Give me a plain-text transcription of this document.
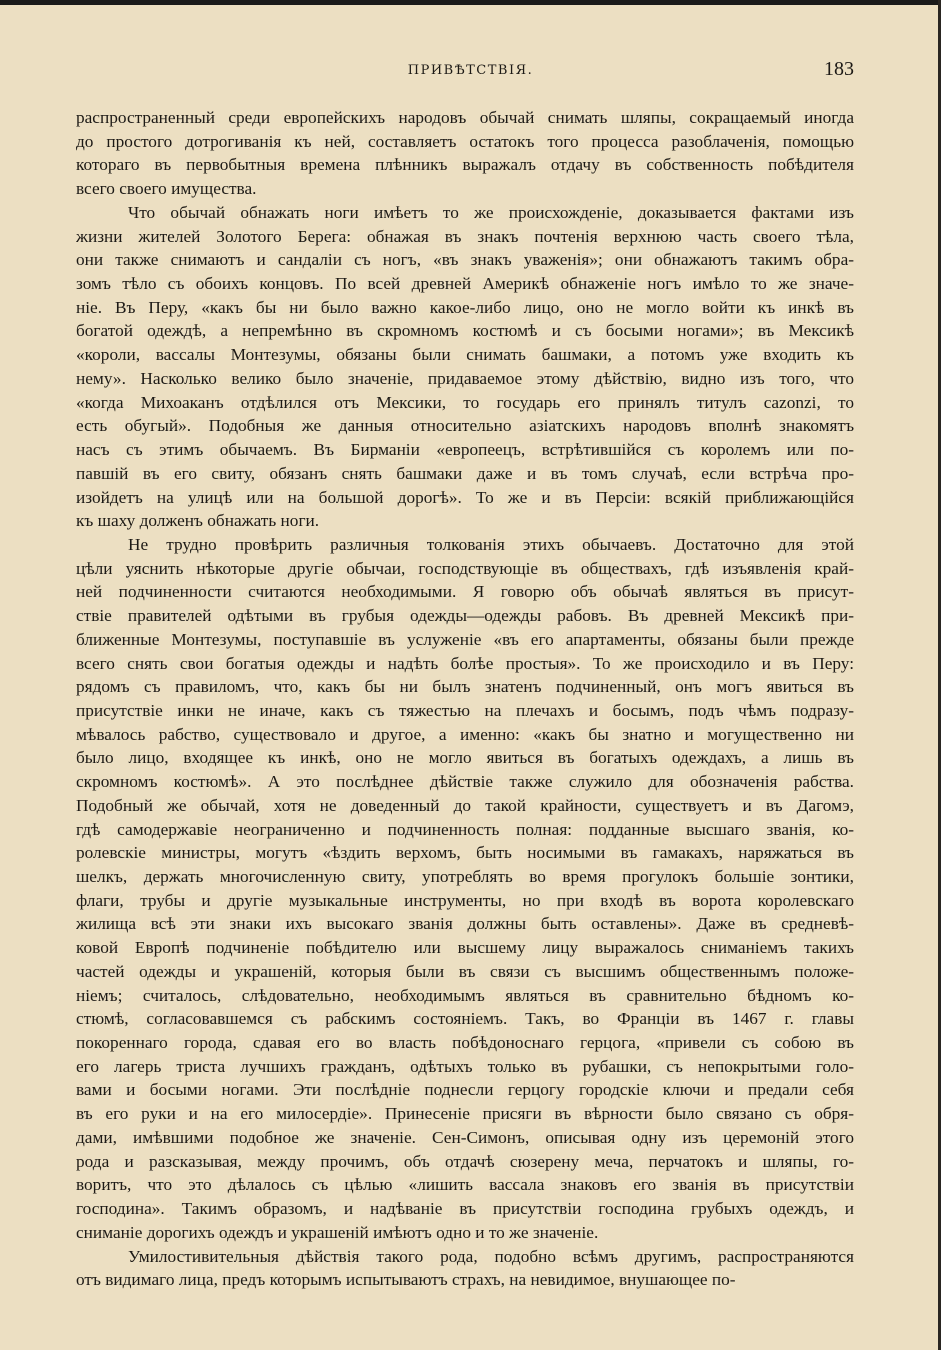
ПРИВѢТСТВІЯ.	183
распространенный среди европейскихъ народовъ обычай снимать шляпы, сокращаемый иногда
до простого дотрогиванія къ ней, составляетъ остатокъ того процесса разоблаченія, помощью
котораго въ первобытныя времена плѣнникъ выражалъ отдачу въ собственность побѣдителя
всего своего имущества.
Что обычай обнажать ноги имѣетъ то же происхожденіе, доказывается фактами изъ
жизни жителей Золотого Берега: обнажая въ знакъ почтенія верхнюю часть своего тѣла,
они также снимаютъ и сандаліи съ ногъ, «въ знакъ уваженія»; они обнажаютъ такимъ обра-
зомъ тѣло съ обоихъ концовъ. По всей древней Америкѣ обнаженіе ногъ имѣло то же значе-
ніе. Въ Перу, «какъ бы ни было важно какое-либо лицо, оно не могло войти къ инкѣ въ
богатой одеждѣ, а непремѣнно въ скромномъ костюмѣ и съ босыми ногами»; въ Мексикѣ
«короли, вассалы Монтезумы, обязаны были снимать башмаки, а потомъ уже входить къ
нему». Насколько велико было значеніе, придаваемое этому дѣйствію, видно изъ того, что
«когда Михоаканъ отдѣлился отъ Мексики, то государь его принялъ титулъ cazonzi, то
есть обугый». Подобныя же данныя относительно азіатскихъ народовъ вполнѣ знакомятъ
насъ съ этимъ обычаемъ. Въ Бирманіи «европеецъ, встрѣтившійся съ королемъ или по-
павшій въ его свиту, обязанъ снять башмаки даже и въ томъ случаѣ, если встрѣча про-
изойдетъ на улицѣ или на большой дорогѣ». То же и въ Персіи: всякій приближающійся
къ шаху долженъ обнажать ноги.
Не трудно провѣрить различныя толкованія этихъ обычаевъ. Достаточно для этой
цѣли уяснить нѣкоторые другіе обычаи, господствующіе въ обществахъ, гдѣ изъявленія край-
ней подчиненности считаются необходимыми. Я говорю объ обычаѣ являться въ присут-
ствіе правителей одѣтыми въ грубыя одежды—одежды рабовъ. Въ древней Мексикѣ при-
ближенные Монтезумы, поступавшіе въ услуженіе «въ его апартаменты, обязаны были прежде
всего снять свои богатыя одежды и надѣть болѣе простыя». То же происходило и въ Перу:
рядомъ съ правиломъ, что, какъ бы ни былъ знатенъ подчиненный, онъ могъ явиться въ
присутствіе инки не иначе, какъ съ тяжестью на плечахъ и босымъ, подъ чѣмъ подразу-
мѣвалось рабство, существовало и другое, а именно: «какъ бы знатно и могущественно ни
было лицо, входящее къ инкѣ, оно не могло явиться въ богатыхъ одеждахъ, а лишь въ
скромномъ костюмѣ». А это послѣднее дѣйствіе также служило для обозначенія рабства.
Подобный же обычай, хотя не доведенный до такой крайности, существуетъ и въ Дагомэ,
гдѣ самодержавіе неограниченно и подчиненность полная: подданные высшаго званія, ко-
ролевскіе министры, могутъ «ѣздить верхомъ, быть носимыми въ гамакахъ, наряжаться въ
шелкъ, держать многочисленную свиту, употреблять во время прогулокъ большіе зонтики,
флаги, трубы и другіе музыкальные инструменты, но при входѣ въ ворота королевскаго
жилища всѣ эти знаки ихъ высокаго званія должны быть оставлены». Даже въ средневѣ-
ковой Европѣ подчиненіе побѣдителю или высшему лицу выражалось сниманіемъ такихъ
частей одежды и украшеній, которыя были въ связи съ высшимъ общественнымъ положе-
ніемъ; считалось, слѣдовательно, необходимымъ являться въ сравнительно бѣдномъ ко-
стюмѣ, согласовавшемся съ рабскимъ состояніемъ. Такъ, во Франціи въ 1467 г. главы
покореннаго города, сдавая его во власть побѣдоноснаго герцога, «привели съ собою въ
его лагерь триста лучшихъ гражданъ, одѣтыхъ только въ рубашки, съ непокрытыми голо-
вами и босыми ногами. Эти послѣдніе поднесли герцогу городскіе ключи и предали себя
въ его руки и на его милосердіе». Принесеніе присяги въ вѣрности было связано съ обря-
дами, имѣвшими подобное же значеніе. Сен-Симонъ, описывая одну изъ церемоній этого
рода и разсказывая, между прочимъ, объ отдачѣ сюзерену меча, перчатокъ и шляпы, го-
воритъ, что это дѣлалось съ цѣлью «лишить вассала знаковъ его званія въ присутствіи
господина». Такимъ образомъ, и надѣваніе въ присутствіи господина грубыхъ одеждъ, и
сниманіе дорогихъ одеждъ и украшеній имѣютъ одно и то же значеніе.
Умилостивительныя дѣйствія такого рода, подобно всѣмъ другимъ, распространяются
отъ видимаго лица, предъ которымъ испытываютъ страхъ, на невидимое, внушающее по-
